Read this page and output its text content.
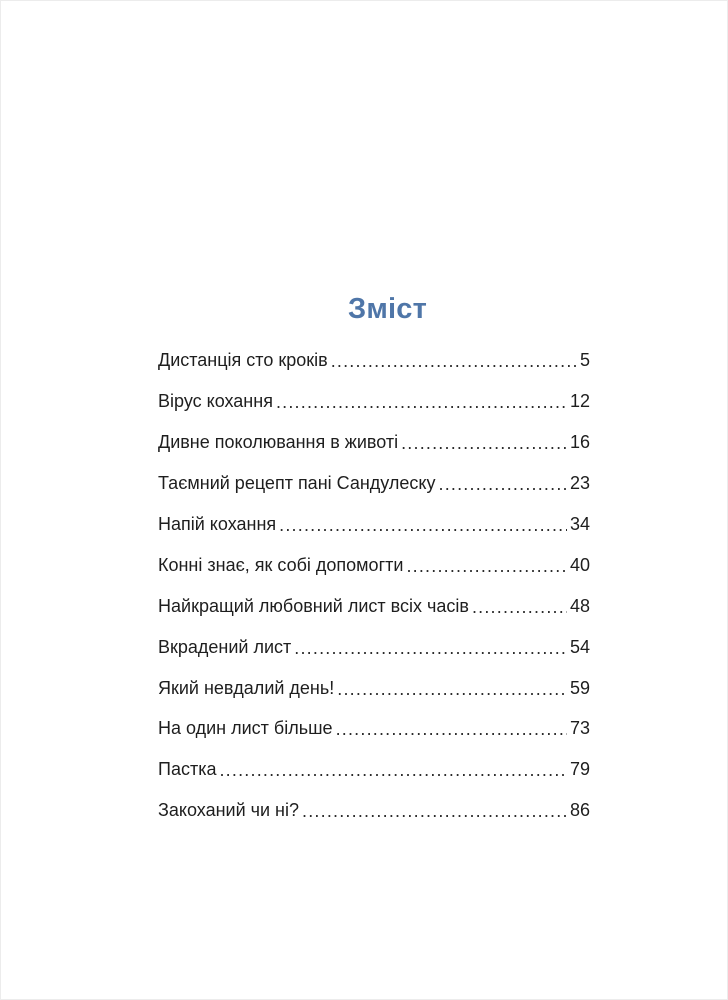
Зміст
Дистанція сто кроків .....	5
Вірус кохання .....	12
Дивне поколювання в животі .....	16
Таємний рецепт пані Сандулеску .....	23
Напій кохання .....	34
Конні знає, як собі допомогти .....	40
Найкращий любовний лист всіх часів .....	48
Вкрадений лист .....	54
Який невдалий день! .....	59
На один лист більше .....	73
Пастка .....	79
Закоханий чи ні? .....	86
